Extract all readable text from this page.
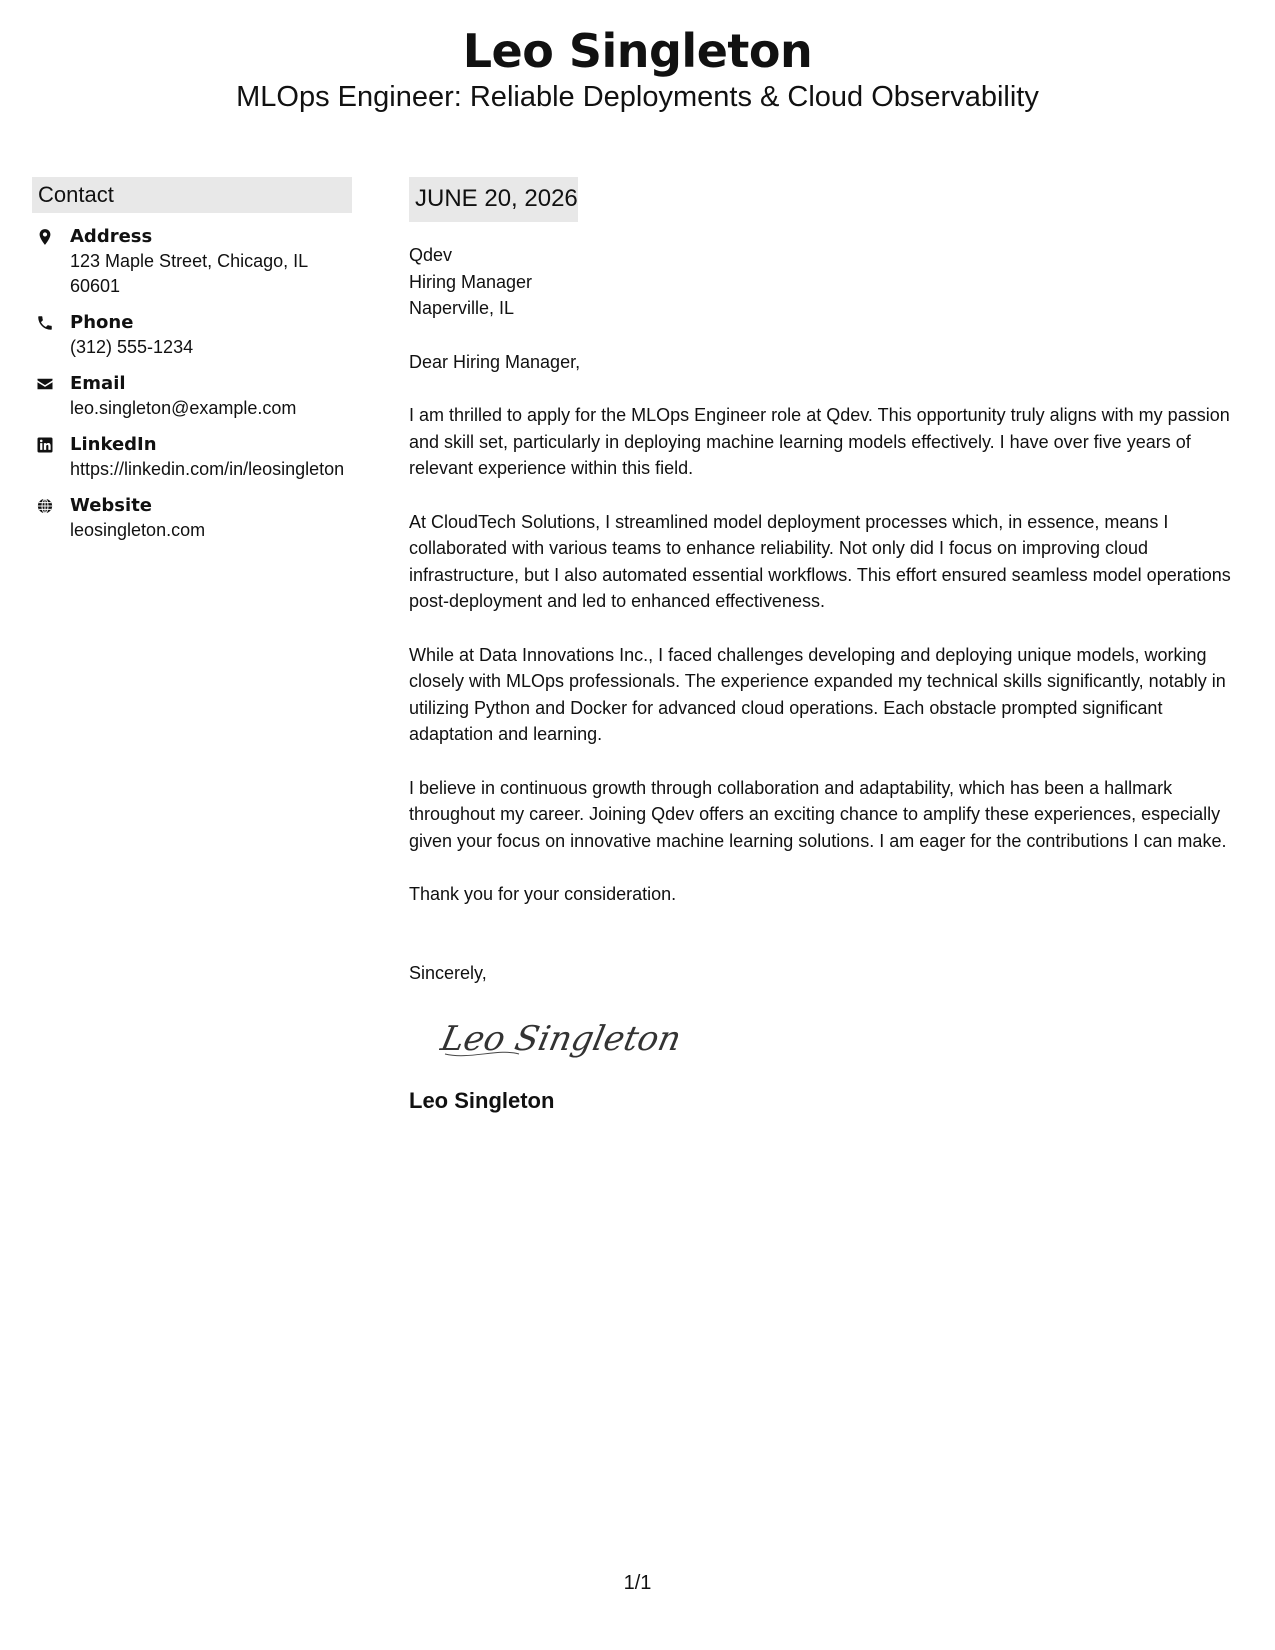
Leo Singleton
MLOps Engineer: Reliable Deployments & Cloud Observability
Contact
Address
123 Maple Street, Chicago, IL 60601
Phone
(312) 555-1234
Email
leo.singleton@example.com
LinkedIn
https://linkedin.com/in/leosingleton
Website
leosingleton.com
JUNE 20, 2026
Qdev
Hiring Manager
Naperville, IL
Dear Hiring Manager,
I am thrilled to apply for the MLOps Engineer role at Qdev. This opportunity truly aligns with my passion and skill set, particularly in deploying machine learning models effectively. I have over five years of relevant experience within this field.
At CloudTech Solutions, I streamlined model deployment processes which, in essence, means I collaborated with various teams to enhance reliability. Not only did I focus on improving cloud infrastructure, but I also automated essential workflows. This effort ensured seamless model operations post-deployment and led to enhanced effectiveness.
While at Data Innovations Inc., I faced challenges developing and deploying unique models, working closely with MLOps professionals. The experience expanded my technical skills significantly, notably in utilizing Python and Docker for advanced cloud operations. Each obstacle prompted significant adaptation and learning.
I believe in continuous growth through collaboration and adaptability, which has been a hallmark throughout my career. Joining Qdev offers an exciting chance to amplify these experiences, especially given your focus on innovative machine learning solutions. I am eager for the contributions I can make.
Thank you for your consideration.
Sincerely,
Leo Singleton
Leo Singleton
1/1
